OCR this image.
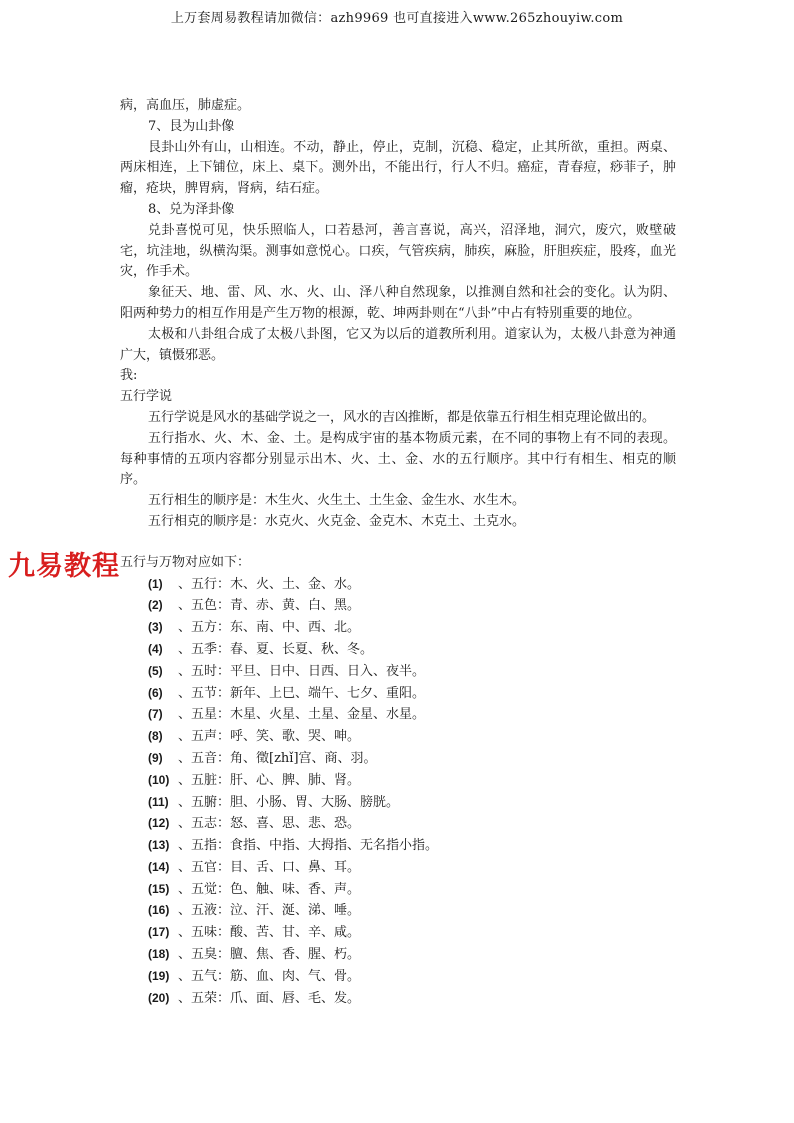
上万套周易教程请加微信：azh9969 也可直接进入www.265zhouyiw.com
九易教程

病，高血压，肺虚症。

7、艮为山卦像

艮卦山外有山，山相连。不动，静止，停止，克制，沉稳、稳定，止其所欲，重担。两桌、两床相连，上下铺位，床上、桌下。测外出，不能出行，行人不归。癌症，青春痘，痧菲子，肿瘤，疮块，脾胃病，肾病，结石症。

8、兑为泽卦像

兑卦喜悦可见，快乐照临人，口若悬河，善言喜说，高兴，沼泽地，洞穴，废穴，败壁破宅，坑洼地，纵横沟渠。测事如意悦心。口疾，气管疾病，肺疾，麻脸，肝胆疾症，股疼，血光灾，作手术。

象征天、地、雷、风、水、火、山、泽八种自然现象，以推测自然和社会的变化。认为阴、阳两种势力的相互作用是产生万物的根源，乾、坤两卦则在“八卦”中占有特别重要的地位。

太极和八卦组合成了太极八卦图，它又为以后的道教所利用。道家认为，太极八卦意为神通广大，镇慑邪恶。

我:

五行学说

五行学说是风水的基础学说之一，风水的吉凶推断，都是依靠五行相生相克理论做出的。

五行指水、火、木、金、土。是构成宇宙的基本物质元素，在不同的事物上有不同的表现。每种事情的五项内容都分别显示出木、火、土、金、水的五行顺序。其中行有相生、相克的顺序。

五行相生的顺序是：木生火、火生土、土生金、金生水、水生木。

五行相克的顺序是：水克火、火克金、金克木、木克土、土克水。

五行与万物对应如下：

(1) 、五行：木、火、土、金、水。
(2) 、五色：青、赤、黄、白、黑。
(3) 、五方：东、南、中、西、北。
(4) 、五季：春、夏、长夏、秋、冬。
(5) 、五时：平旦、日中、日西、日入、夜半。
(6) 、五节：新年、上巳、端午、七夕、重阳。
(7) 、五星：木星、火星、土星、金星、水星。
(8) 、五声：呼、笑、歌、哭、呻。
(9) 、五音：角、徵[zhǐ]宫、商、羽。
(10) 、五脏：肝、心、脾、肺、肾。
(11) 、五腑：胆、小肠、胃、大肠、膀胱。
(12) 、五志：怒、喜、思、悲、恐。
(13) 、五指：食指、中指、大拇指、无名指小指。
(14) 、五官：目、舌、口、鼻、耳。
(15) 、五觉：色、触、味、香、声。
(16) 、五液：泣、汗、涎、涕、唾。
(17) 、五味：酸、苦、甘、辛、咸。
(18) 、五臭：膻、焦、香、腥、朽。
(19) 、五气：筋、血、肉、气、骨。
(20) 、五荣：爪、面、唇、毛、发。
